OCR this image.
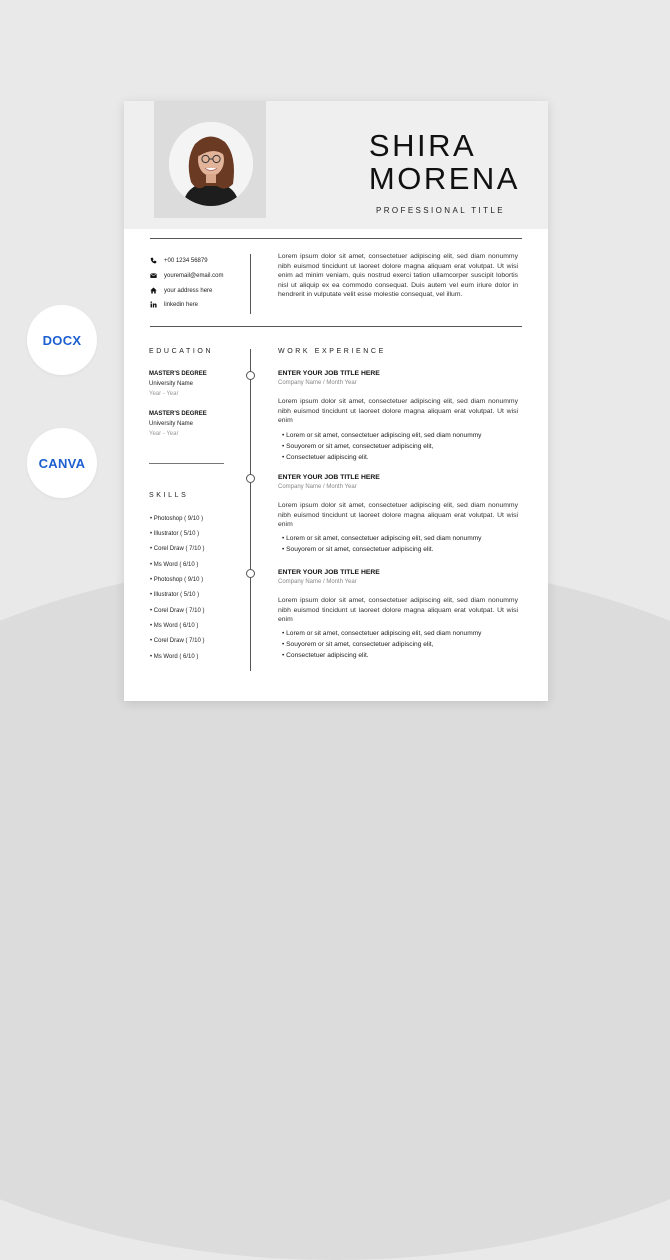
DOCX
CANVA
SHIRA
MORENA
PROFESSIONAL TITLE
+00 1234 56879
youremail@email.com
your address here
linkedin here
Lorem ipsum dolor sit amet, consectetuer adipiscing elit, sed diam nonummy nibh euismod tincidunt ut laoreet dolore magna aliquam erat volutpat. Ut wisi enim ad minim veniam, quis nostrud exerci tation ullamcorper suscipit lobortis nisl ut aliquip ex ea commodo consequat. Duis autem vel eum iriure dolor in hendrerit in vulputate velit esse molestie consequat, vel illum.
EDUCATION
MASTER'S DEGREE
University Name
Year - Year
MASTER'S DEGREE
University Name
Year - Year
SKILLS
• Photoshop ( 9/10 )
• Illustrator ( 5/10 )
• Corel Draw ( 7/10 )
• Ms Word ( 6/10 )
• Photoshop ( 9/10 )
• Illustrator ( 5/10 )
• Corel Draw ( 7/10 )
• Ms Word ( 6/10 )
• Corel Draw ( 7/10 )
• Ms Word ( 6/10 )
WORK EXPERIENCE
ENTER YOUR JOB TITLE HERE
Company Name / Month Year
Lorem ipsum dolor sit amet, consectetuer adipiscing elit, sed diam nonummy nibh euismod tincidunt ut laoreet dolore magna aliquam erat volutpat. Ut wisi enim
• Lorem or sit amet, consectetuer adipiscing elit, sed diam nonummy
• Souyorem or sit amet, consectetuer adipiscing elit,
• Consectetuer adipiscing elit.
ENTER YOUR JOB TITLE HERE
Company Name / Month Year
Lorem ipsum dolor sit amet, consectetuer adipiscing elit, sed diam nonummy nibh euismod tincidunt ut laoreet dolore magna aliquam erat volutpat. Ut wisi enim
• Lorem or sit amet, consectetuer adipiscing elit, sed diam nonummy
• Souyorem or sit amet, consectetuer adipiscing elit.
ENTER YOUR JOB TITLE HERE
Company Name / Month Year
Lorem ipsum dolor sit amet, consectetuer adipiscing elit, sed diam nonummy nibh euismod tincidunt ut laoreet dolore magna aliquam erat volutpat. Ut wisi enim
• Lorem or sit amet, consectetuer adipiscing elit, sed diam nonummy
• Souyorem or sit amet, consectetuer adipiscing elit,
• Consectetuer adipiscing elit.
